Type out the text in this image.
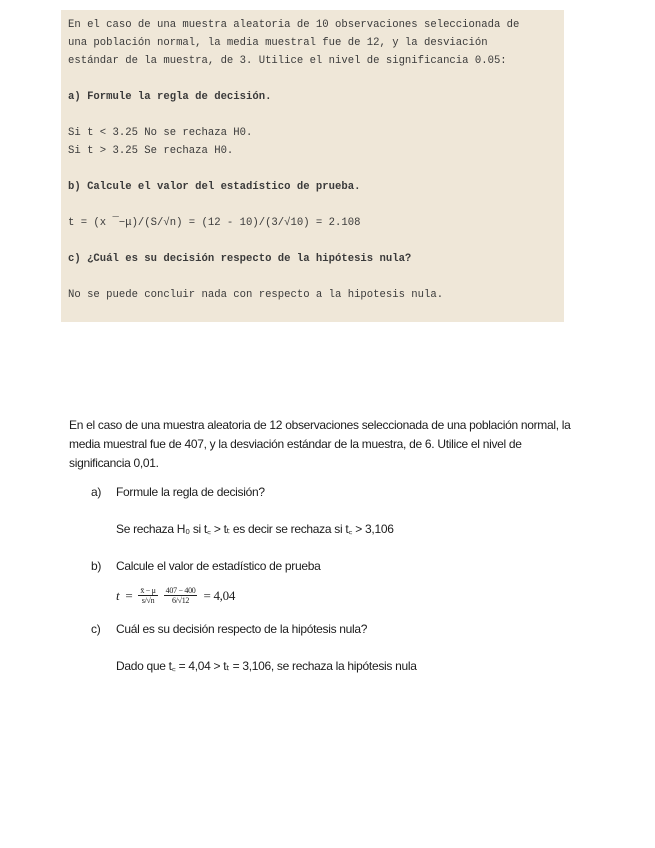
En el caso de una muestra aleatoria de 10 observaciones seleccionada de

una población normal, la media muestral fue de 12, y la desviación

estándar de la muestra, de 3. Utilice el nivel de significancia 0.05:

a) Formule la regla de decisión.

Si t < 3.25 No se rechaza H0.

Si t > 3.25 Se rechaza H0.

b) Calcule el valor del estadístico de prueba.

t = (x ¯−μ)/(S/√n) = (12 - 10)/(3/√10) = 2.108

c) ¿Cuál es su decisión respecto de la hipótesis nula?

No se puede concluir nada con respecto a la hipotesis nula.

En el caso de una muestra aleatoria de 12 observaciones seleccionada de una población normal, la media muestral fue de 407, y la desviación estándar de la muestra, de 6. Utilice el nivel de significancia 0,01.

a) Formule la regla de decisión?
Se rechaza H₀ si t꜀ > tₜ es decir se rechaza si t꜀ > 3,106
b) Calcule el valor de estadístico de prueba
$t = \frac{x̄ - \mu}{s/√n} \frac{407 - 400}{6/√12} = 4,04$
c) Cuál es su decisión respecto de la hipótesis nula?
Dado que t꜀ = 4,04 > tₜ = 3,106, se rechaza la hipótesis nula
